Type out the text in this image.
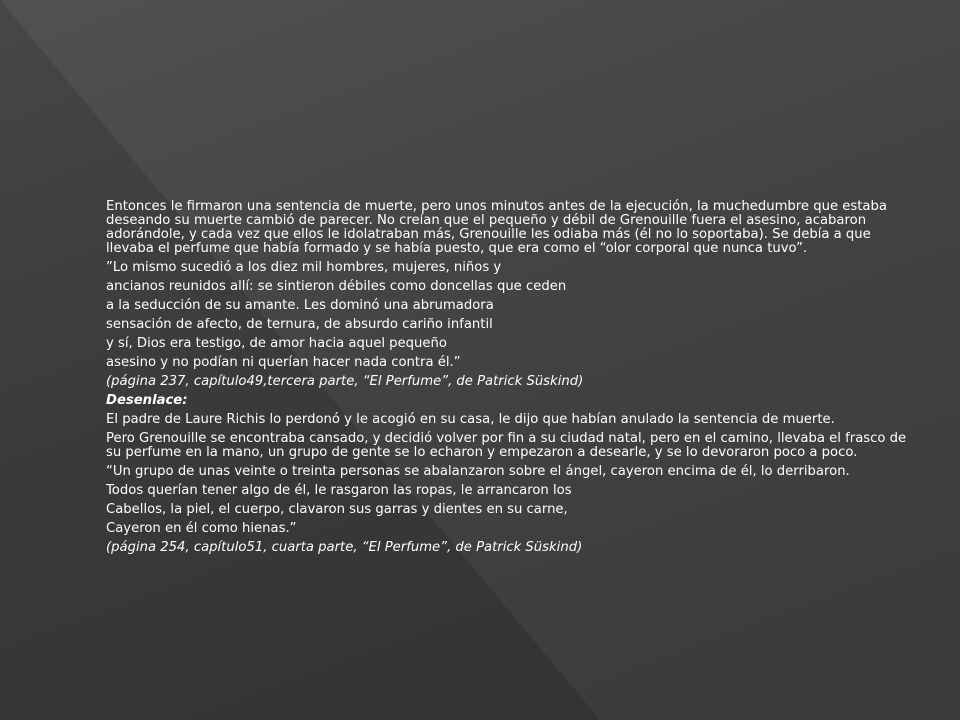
Entonces le firmaron una sentencia de muerte, pero unos minutos antes de la ejecución, la muchedumbre que estaba deseando su muerte cambió de parecer. No creían que el pequeño y débil de Grenouille fuera el asesino, acabaron adorándole, y cada vez que ellos le idolatraban más, Grenouille les odiaba más (él no lo soportaba). Se debía a que llevaba el perfume que había formado y se había puesto, que era como el “olor corporal que nunca tuvo”.
”Lo mismo sucedió a los diez mil hombres, mujeres, niños y
ancianos reunidos allí: se sintieron débiles como doncellas que ceden
a la seducción de su amante. Les dominó una abrumadora
sensación de afecto, de ternura, de absurdo cariño infantil
y sí, Dios era testigo, de amor hacia aquel pequeño
asesino y no podían ni querían hacer nada contra él.”
(página 237, capítulo49,tercera parte, “El Perfume”, de Patrick Süskind)
Desenlace:
El padre de Laure Richis lo perdonó y le acogió en su casa, le dijo que habían anulado la sentencia de muerte.
Pero Grenouille se encontraba cansado, y decidió volver por fin a su ciudad natal, pero en el camino, llevaba el frasco de su perfume en la mano, un grupo de gente se lo echaron y empezaron a desearle, y se lo devoraron poco a poco.
“Un grupo de unas veinte o treinta personas se abalanzaron sobre el ángel, cayeron encima de él, lo derribaron.
Todos querían tener algo de él, le rasgaron las ropas, le arrancaron los
Cabellos, la piel, el cuerpo, clavaron sus garras y dientes en su carne,
Cayeron en él como hienas.”
(página 254, capítulo51, cuarta parte, “El Perfume”, de Patrick Süskind)
